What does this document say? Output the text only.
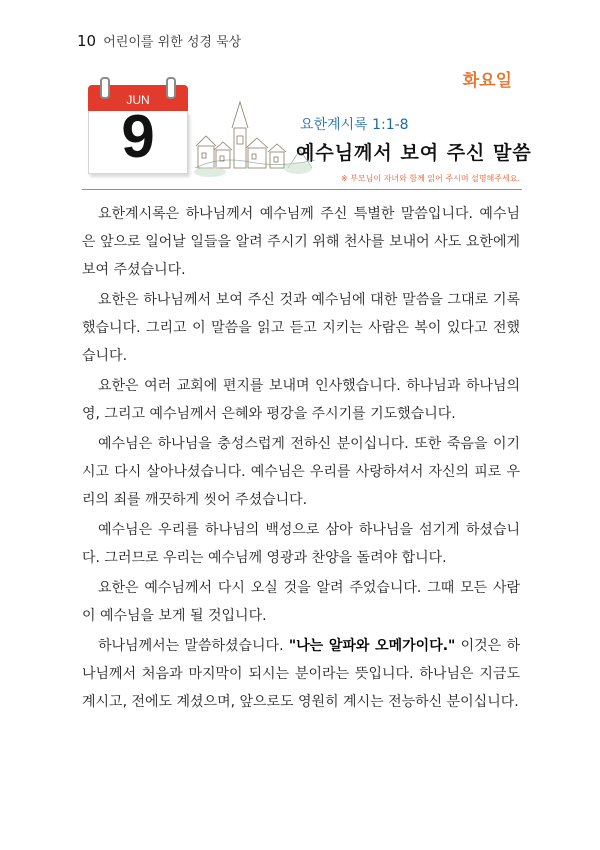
10 어린이를 위한 성경 묵상
화요일
JUN
9	요한계시록 1:1-8
예수님께서 보여 주신 말씀
※ 부모님이 자녀와 함께 읽어 주시며 설명해주세요.

요한계시록은 하나님께서 예수님께 주신 특별한 말씀입니다. 예수님은 앞으로 일어날 일들을 알려 주시기 위해 천사를 보내어 사도 요한에게 보여 주셨습니다.

요한은 하나님께서 보여 주신 것과 예수님에 대한 말씀을 그대로 기록했습니다. 그리고 이 말씀을 읽고 듣고 지키는 사람은 복이 있다고 전했습니다.

요한은 여러 교회에 편지를 보내며 인사했습니다. 하나님과 하나님의 영, 그리고 예수님께서 은혜와 평강을 주시기를 기도했습니다.

예수님은 하나님을 충성스럽게 전하신 분이십니다. 또한 죽음을 이기시고 다시 살아나셨습니다. 예수님은 우리를 사랑하셔서 자신의 피로 우리의 죄를 깨끗하게 씻어 주셨습니다.

예수님은 우리를 하나님의 백성으로 삼아 하나님을 섬기게 하셨습니다. 그러므로 우리는 예수님께 영광과 찬양을 돌려야 합니다.

요한은 예수님께서 다시 오실 것을 알려 주었습니다. 그때 모든 사람이 예수님을 보게 될 것입니다.

하나님께서는 말씀하셨습니다. "나는 알파와 오메가이다." 이것은 하나님께서 처음과 마지막이 되시는 분이라는 뜻입니다. 하나님은 지금도 계시고, 전에도 계셨으며, 앞으로도 영원히 계시는 전능하신 분이십니다.
